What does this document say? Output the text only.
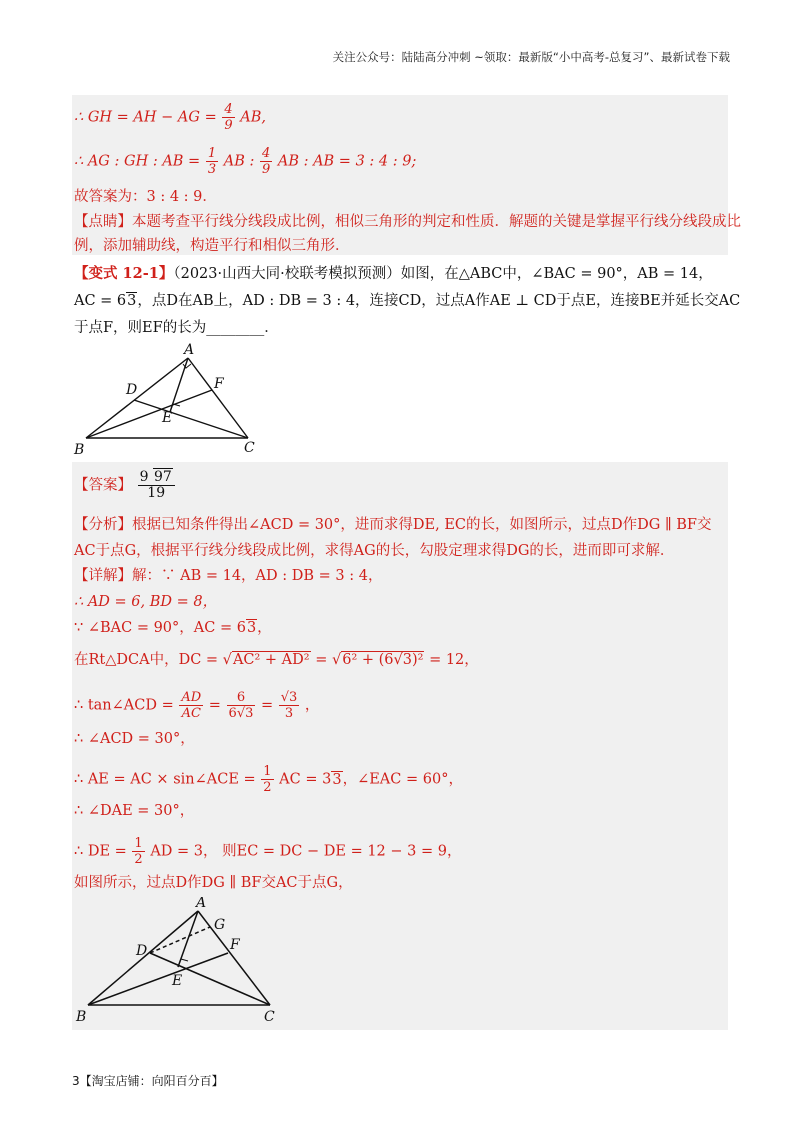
关注公众号：陆陆高分冲刺 ~领取：最新版“小中高考-总复习”、最新试卷下载
∴ GH = AH − AG = $\frac{4}{9}$ AB,
∴ AG : GH : AB = $\frac{1}{3}$ AB : $\frac{4}{9}$ AB : AB = 3 : 4 : 9;
故答案为：3 : 4 : 9．
【点睛】本题考查平行线分线段成比例，相似三角形的判定和性质．解题的关键是掌握平行线分线段成比
例，添加辅助线，构造平行和相似三角形．
【变式 12-1】（2023·山西大同·校联考模拟预测）如图，在△ABC中，∠BAC = 90°，AB = 14，
AC = 63，点D在AB上，AD : DB = 3 : 4，连接CD，过点A作AE ⊥ CD于点E，连接BE并延长交AC
于点F，则EF的长为________．
A
B	C
D
E
F
【答案】 $\frac{9 97}{19}$
【分析】根据已知条件得出∠ACD = 30°，进而求得DE, EC的长，如图所示，过点D作DG ∥ BF交
AC于点G，根据平行线分线段成比例，求得AG的长，勾股定理求得DG的长，进而即可求解．
【详解】解：∵ AB = 14，AD : DB = 3 : 4，
∴ AD = 6, BD = 8，
∵ ∠BAC = 90°，AC = 63，
在Rt△DCA中，DC = √AC² + AD² = √6² + (6√3)² = 12，
∴ tan∠ACD = $\frac{AD}{AC} = \frac{6}{6√3} = \frac{√3}{3}$ ，
∴ ∠ACD = 30°，
∴ AE = AC × sin∠ACE = $\frac{1}{2}$ AC = 33，∠EAC = 60°，
∴ ∠DAE = 30°，
∴ DE = $\frac{1}{2}$ AD = 3， 则EC = DC − DE = 12 − 3 = 9，
如图所示，过点D作DG ∥ BF交AC于点G，
A
B	C
D
E
F
G
3【淘宝店铺：向阳百分百】
